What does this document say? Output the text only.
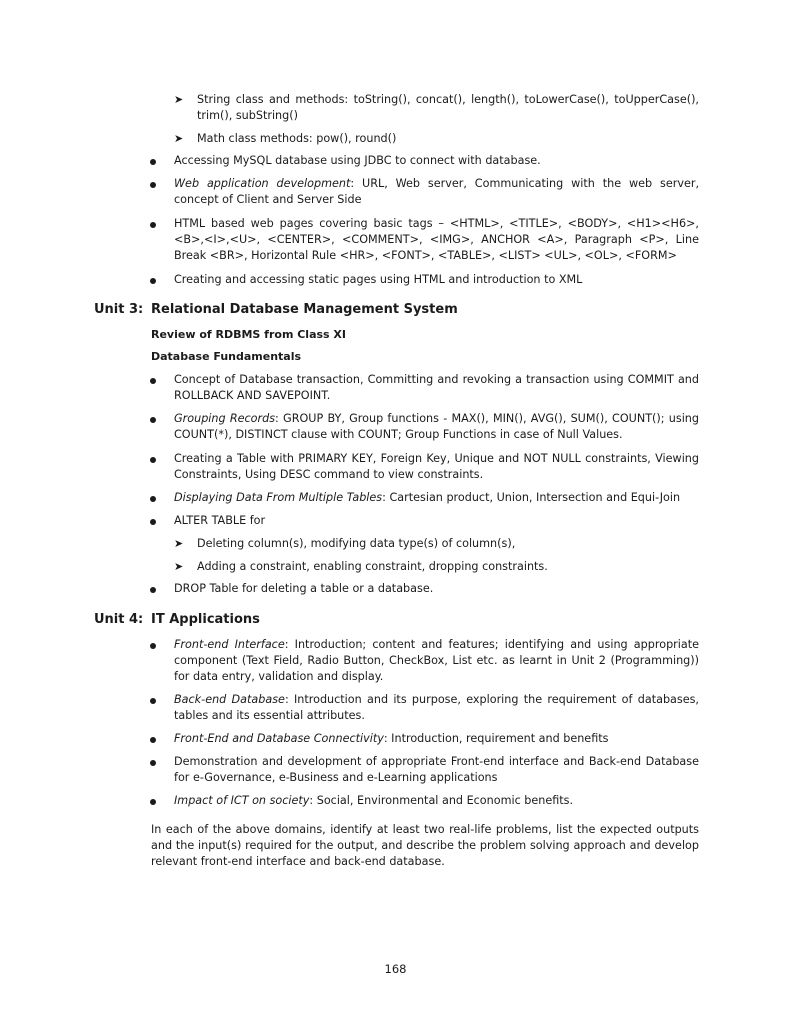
➤ String class and methods: toString(), concat(), length(), toLowerCase(), toUpperCase(), trim(), subString()
➤ Math class methods: pow(), round()
Accessing MySQL database using JDBC to connect with database.
Web application development: URL, Web server, Communicating with the web server, concept of Client and Server Side
HTML based web pages covering basic tags – <HTML>, <TITLE>, <BODY>, <H1><H6>, <B>,<I>,<U>, <CENTER>, <COMMENT>, <IMG>, ANCHOR <A>, Paragraph <P>, Line Break <BR>, Horizontal Rule <HR>, <FONT>, <TABLE>, <LIST> <UL>, <OL>, <FORM>
Creating and accessing static pages using HTML and introduction to XML
Unit 3: Relational Database Management System
Review of RDBMS from Class XI
Database Fundamentals
Concept of Database transaction, Committing and revoking a transaction using COMMIT and ROLLBACK AND SAVEPOINT.
Grouping Records: GROUP BY, Group functions - MAX(), MIN(), AVG(), SUM(), COUNT(); using COUNT(*), DISTINCT clause with COUNT; Group Functions in case of Null Values.
Creating a Table with PRIMARY KEY, Foreign Key, Unique and NOT NULL constraints, Viewing Constraints, Using DESC command to view constraints.
Displaying Data From Multiple Tables: Cartesian product, Union, Intersection and Equi-Join
ALTER TABLE for
➤ Deleting column(s), modifying data type(s) of column(s),
➤ Adding a constraint, enabling constraint, dropping constraints.
DROP Table for deleting a table or a database.
Unit 4: IT Applications
Front-end Interface: Introduction; content and features; identifying and using appropriate component (Text Field, Radio Button, CheckBox, List etc. as learnt in Unit 2 (Programming)) for data entry, validation and display.
Back-end Database: Introduction and its purpose, exploring the requirement of databases, tables and its essential attributes.
Front-End and Database Connectivity: Introduction, requirement and benefits
Demonstration and development of appropriate Front-end interface and Back-end Database for e-Governance, e-Business and e-Learning applications
Impact of ICT on society: Social, Environmental and Economic benefits.
In each of the above domains, identify at least two real-life problems, list the expected outputs and the input(s) required for the output, and describe the problem solving approach and develop relevant front-end interface and back-end database.
168
